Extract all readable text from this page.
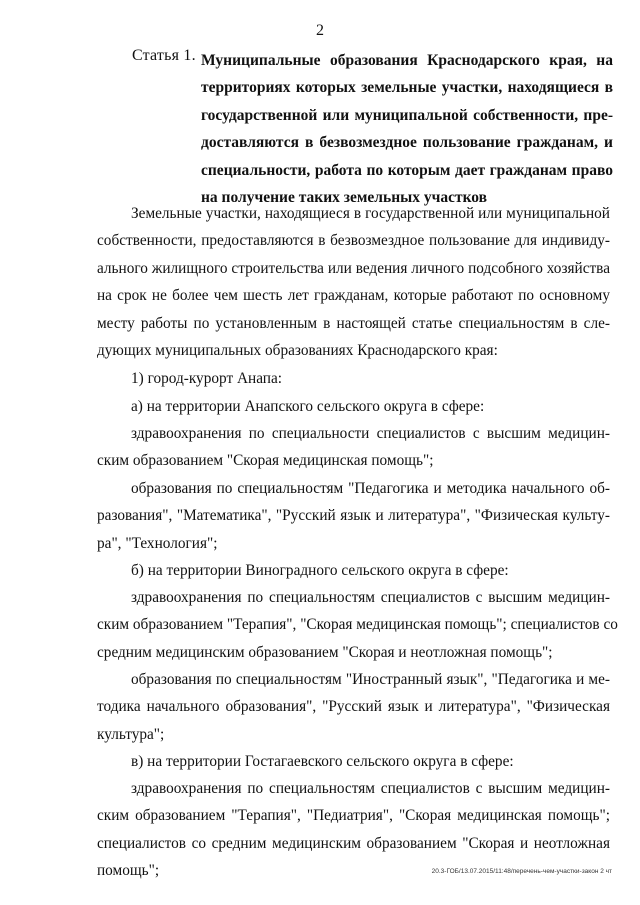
2
Статья 1. Муниципальные образования Краснодарского края, на
территориях которых земельные участки, находящиеся в
государственной или муниципальной собственности, пре-
доставляются в безвозмездное пользование гражданам, и
специальности, работа по которым дает гражданам право
на получение таких земельных участков
Земельные участки, находящиеся в государственной или муниципальной
собственности, предоставляются в безвозмездное пользование для индивиду-
ального жилищного строительства или ведения личного подсобного хозяйства
на срок не более чем шесть лет гражданам, которые работают по основному
месту работы по установленным в настоящей статье специальностям в сле-
дующих муниципальных образованиях Краснодарского края:
1) город-курорт Анапа:
а) на территории Анапского сельского округа в сфере:
здравоохранения по специальности специалистов с высшим медицин-
ским образованием "Скорая медицинская помощь";
образования по специальностям "Педагогика и методика начального об-
разования", "Математика", "Русский язык и литература", "Физическая культу-
ра", "Технология";
б) на территории Виноградного сельского округа в сфере:
здравоохранения по специальностям специалистов с высшим медицин-
ским образованием "Терапия", "Скорая медицинская помощь"; специалистов со
средним медицинским образованием "Скорая и неотложная помощь";
образования по специальностям "Иностранный язык", "Педагогика и ме-
тодика начального образования", "Русский язык и литература", "Физическая
культура";
в) на территории Гостагаевского сельского округа в сфере:
здравоохранения по специальностям специалистов с высшим медицин-
ским образованием "Терапия", "Педиатрия", "Скорая медицинская помощь";
специалистов со средним медицинским образованием "Скорая и неотложная
помощь";	20.3-ГОБ/13.07.2015/11:48/перечень-чем-участки-закон 2 чт
